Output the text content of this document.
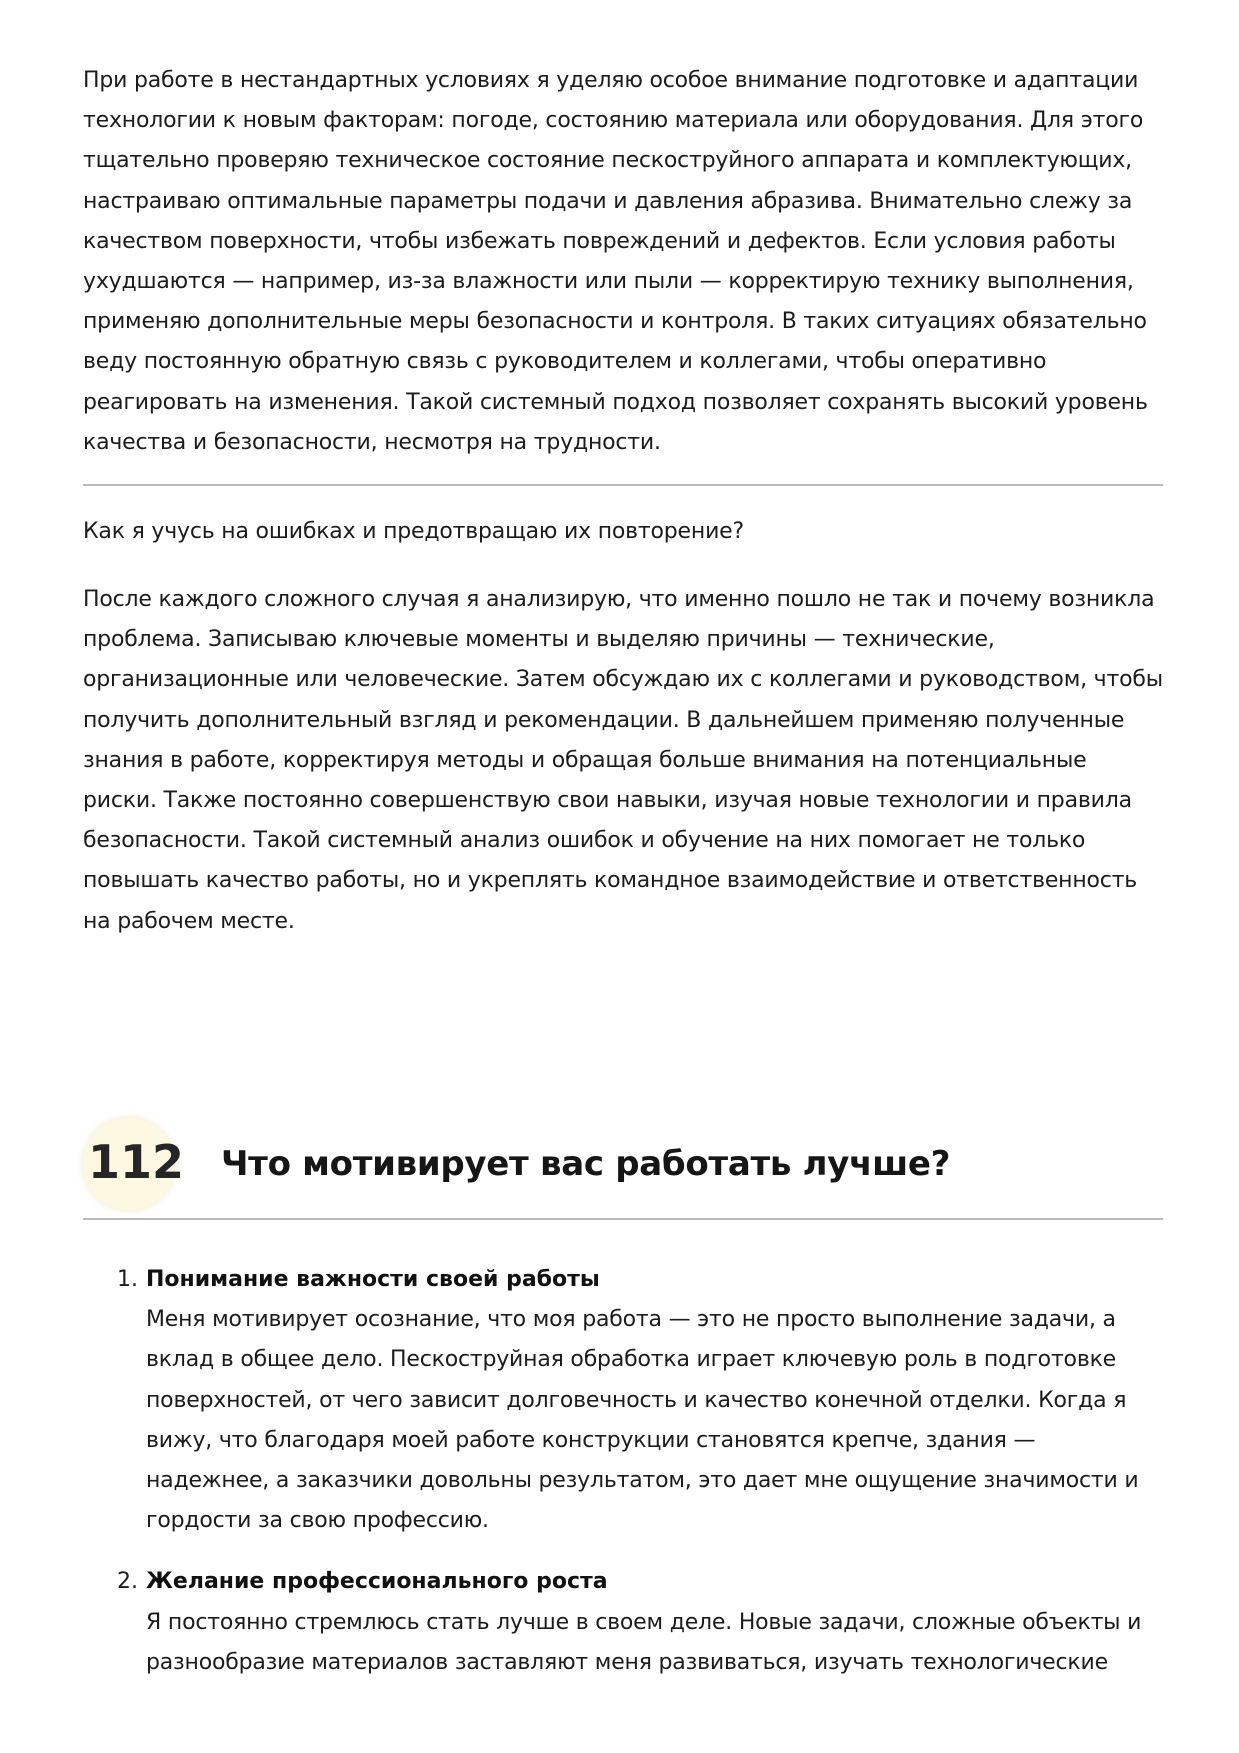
При работе в нестандартных условиях я уделяю особое внимание подготовке и адаптации технологии к новым факторам: погоде, состоянию материала или оборудования. Для этого тщательно проверяю техническое состояние пескоструйного аппарата и комплектующих, настраиваю оптимальные параметры подачи и давления абразива. Внимательно слежу за качеством поверхности, чтобы избежать повреждений и дефектов. Если условия работы ухудшаются — например, из-за влажности или пыли — корректирую технику выполнения, применяю дополнительные меры безопасности и контроля. В таких ситуациях обязательно веду постоянную обратную связь с руководителем и коллегами, чтобы оперативно реагировать на изменения. Такой системный подход позволяет сохранять высокий уровень качества и безопасности, несмотря на трудности.

Как я учусь на ошибках и предотвращаю их повторение?

После каждого сложного случая я анализирую, что именно пошло не так и почему возникла проблема. Записываю ключевые моменты и выделяю причины — технические, организационные или человеческие. Затем обсуждаю их с коллегами и руководством, чтобы получить дополнительный взгляд и рекомендации. В дальнейшем применяю полученные знания в работе, корректируя методы и обращая больше внимания на потенциальные риски. Также постоянно совершенствую свои навыки, изучая новые технологии и правила безопасности. Такой системный анализ ошибок и обучение на них помогает не только повышать качество работы, но и укреплять командное взаимодействие и ответственность на рабочем месте.

112 Что мотивирует вас работать лучше?
1. Понимание важности своей работы
Меня мотивирует осознание, что моя работа — это не просто выполнение задачи, а вклад в общее дело. Пескоструйная обработка играет ключевую роль в подготовке поверхностей, от чего зависит долговечность и качество конечной отделки. Когда я вижу, что благодаря моей работе конструкции становятся крепче, здания — надежнее, а заказчики довольны результатом, это дает мне ощущение значимости и гордости за свою профессию.
2. Желание профессионального роста
Я постоянно стремлюсь стать лучше в своем деле. Новые задачи, сложные объекты и разнообразие материалов заставляют меня развиваться, изучать технологические
